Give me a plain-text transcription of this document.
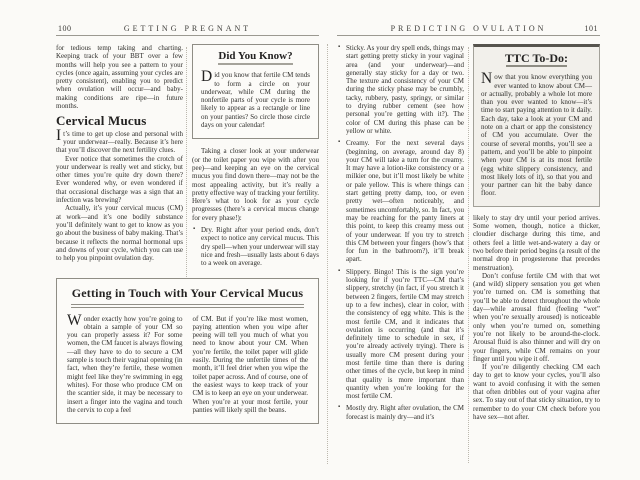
100	GETTING PREGNANT

for tedious temp taking and charting. Keeping track of your BBT over a few months will help you see a pattern to your cycles (once again, assuming your cycles are pretty consistent), enabling you to predict when ovulation will occur—and baby-making conditions are ripe—in future months.

Cervical Mucus

It’s time to get up close and personal with your underwear—really. Because it’s here that you’ll discover the next fertility clues.

Ever notice that sometimes the crotch of your underwear is really wet and sticky, but other times you’re quite dry down there? Ever wondered why, or even wondered if that occasional discharge was a sign that an infection was brewing?

Actually, it’s your cervical mucus (CM) at work—and it’s one bodily substance you’ll definitely want to get to know as you go about the business of baby making. That’s because it reflects the normal hormonal ups and downs of your cycle, which you can use to help you pinpoint ovulation day.

Did You Know?

Did you know that fertile CM tends to form a circle on your underwear, while CM during the nonfertile parts of your cycle is more likely to appear as a rectangle or line on your panties? So circle those circle days on your calendar!

Taking a closer look at your underwear (or the toilet paper you wipe with after you pee)—and keeping an eye on the cervical mucus you find down there—may not be the most appealing activity, but it’s really a pretty effective way of tracking your fertility. Here’s what to look for as your cycle progresses (there’s a cervical mucus change for every phase!):

▪ Dry. Right after your period ends, don’t expect to notice any cervical mucus. This dry spell—when your underwear will stay nice and fresh—usually lasts about 6 days to a week on average.
Getting in Touch with Your Cervical Mucus

Wonder exactly how you’re going to obtain a sample of your CM so you can properly assess it? For some women, the CM faucet is always flowing—all they have to do to secure a CM sample is touch their vaginal opening (in fact, when they’re fertile, these women might feel like they’re swimming in egg whites). For those who produce CM on the scantier side, it may be necessary to insert a finger into the vagina and touch the cervix to cop a feel

of CM. But if you’re like most women, paying attention when you wipe after peeing will tell you much of what you need to know about your CM. When you’re fertile, the toilet paper will glide easily. During the unfertile times of the month, it’ll feel drier when you wipe the toilet paper across. And of course, one of the easiest ways to keep track of your CM is to keep an eye on your underwear. When you’re at your most fertile, your panties will likely spill the beans.

PREDICTING OVULATION	101
▪ Sticky. As your dry spell ends, things may start getting pretty sticky in your vaginal area (and your underwear)—and generally stay sticky for a day or two. The texture and consistency of your CM during the sticky phase may be crumbly, tacky, rubbery, pasty, springy, or similar to drying rubber cement (see how personal you’re getting with it?). The color of CM during this phase can be yellow or white.
▪ Creamy. For the next several days (beginning, on average, around day 8) your CM will take a turn for the creamy. It may have a lotion-like consistency or a milkier one, but it’ll most likely be white or pale yellow. This is where things can start getting pretty damp, too, or even pretty wet—often noticeably, and sometimes uncomfortably, so. In fact, you may be reaching for the panty liners at this point, to keep this creamy mess out of your underwear. If you try to stretch this CM between your fingers (how’s that for fun in the bathroom?), it’ll break apart.
▪ Slippery. Bingo! This is the sign you’re looking for if you’re TTC—CM that’s slippery, stretchy (in fact, if you stretch it between 2 fingers, fertile CM may stretch up to a few inches), clear in color, with the consistency of egg white. This is the most fertile CM, and it indicates that ovulation is occurring (and that it’s definitely time to schedule in sex, if you’re already actively trying). There is usually more CM present during your most fertile time than there is during other times of the cycle, but keep in mind that quality is more important than quantity when you’re looking for the most fertile CM.
▪ Mostly dry. Right after ovulation, the CM forecast is mainly dry—and it’s
TTC To-Do:

Now that you know everything you ever wanted to know about CM—or actually, probably a whole lot more than you ever wanted to know—it’s time to start paying attention to it daily. Each day, take a look at your CM and note on a chart or app the consistency of CM you accumulate. Over the course of several months, you’ll see a pattern, and you’ll be able to pinpoint when your CM is at its most fertile (egg white slippery consistency, and most likely lots of it), so that you and your partner can hit the baby dance floor.

likely to stay dry until your period arrives. Some women, though, notice a thicker, cloudier discharge during this time, and others feel a little wet-and-watery a day or two before their period begins (a result of the normal drop in progesterone that precedes menstruation).

Don’t confuse fertile CM with that wet (and wild) slippery sensation you get when you’re turned on. CM is something that you’ll be able to detect throughout the whole day—while arousal fluid (feeling “wet” when you’re sexually aroused) is noticeable only when you’re turned on, something you’re not likely to be around-the-clock. Arousal fluid is also thinner and will dry on your fingers, while CM remains on your finger until you wipe it off.

If you’re diligently checking CM each day to get to know your cycles, you’ll also want to avoid confusing it with the semen that often dribbles out of your vagina after sex. To stay out of that sticky situation, try to remember to do your CM check before you have sex—not after.
